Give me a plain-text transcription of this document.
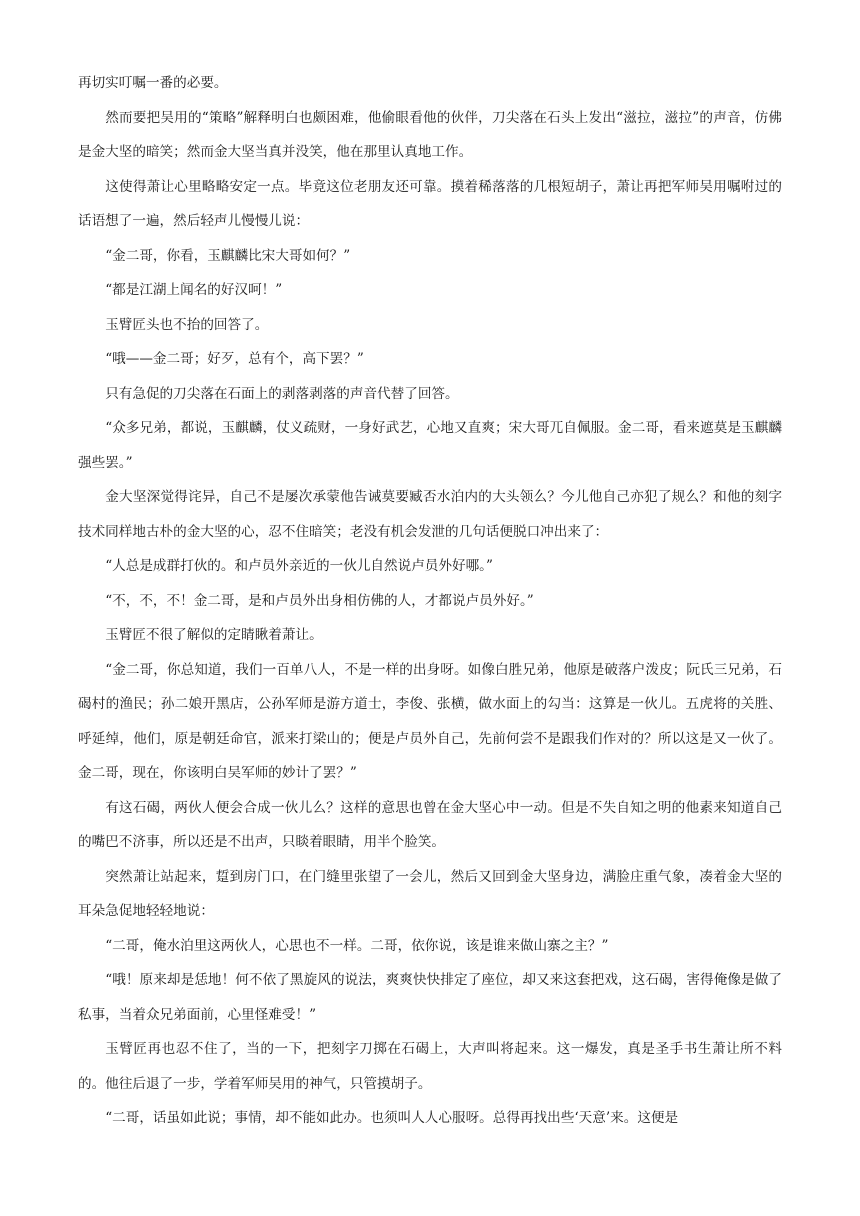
再切实叮嘱一番的必要。

然而要把吴用的“策略”解释明白也颇困难，他偷眼看他的伙伴，刀尖落在石头上发出“滋拉，滋拉”的声音，仿佛是金大坚的暗笑；然而金大坚当真并没笑，他在那里认真地工作。

这使得萧让心里略略安定一点。毕竟这位老朋友还可靠。摸着稀落落的几根短胡子，萧让再把军师吴用嘱咐过的话语想了一遍，然后轻声儿慢慢儿说：

“金二哥，你看，玉麒麟比宋大哥如何？”

“都是江湖上闻名的好汉呵！”

玉臂匠头也不抬的回答了。

“哦——金二哥；好歹，总有个，高下罢？”

只有急促的刀尖落在石面上的剥落剥落的声音代替了回答。

“众多兄弟，都说，玉麒麟，仗义疏财，一身好武艺，心地又直爽；宋大哥兀自佩服。金二哥，看来遮莫是玉麒麟强些罢。”

金大坚深觉得诧异，自己不是屡次承蒙他告诫莫要臧否水泊内的大头领么？今儿他自己亦犯了规么？和他的刻字技术同样地古朴的金大坚的心，忍不住暗笑；老没有机会发泄的几句话便脱口冲出来了：

“人总是成群打伙的。和卢员外亲近的一伙儿自然说卢员外好哪。”

“不，不，不！金二哥，是和卢员外出身相仿佛的人，才都说卢员外好。”

玉臂匠不很了解似的定睛瞅着萧让。

“金二哥，你总知道，我们一百单八人，不是一样的出身呀。如像白胜兄弟，他原是破落户泼皮；阮氏三兄弟，石碣村的渔民；孙二娘开黑店，公孙军师是游方道士，李俊、张横，做水面上的勾当：这算是一伙儿。五虎将的关胜、呼延绰，他们，原是朝廷命官，派来打梁山的；便是卢员外自己，先前何尝不是跟我们作对的？所以这是又一伙了。金二哥，现在，你该明白吴军师的妙计了罢？”

有这石碣，两伙人便会合成一伙儿么？这样的意思也曾在金大坚心中一动。但是不失自知之明的他素来知道自己的嘴巴不济事，所以还是不出声，只睒着眼睛，用半个脸笑。

突然萧让站起来，踅到房门口，在门缝里张望了一会儿，然后又回到金大坚身边，满脸庄重气象，凑着金大坚的耳朵急促地轻轻地说：

“二哥，俺水泊里这两伙人，心思也不一样。二哥，依你说，该是谁来做山寨之主？”

“哦！原来却是恁地！何不依了黑旋风的说法，爽爽快快排定了座位，却又来这套把戏，这石碣，害得俺像是做了私事，当着众兄弟面前，心里怪难受！”

玉臂匠再也忍不住了，当的一下，把刻字刀掷在石碣上，大声叫将起来。这一爆发，真是圣手书生萧让所不料的。他往后退了一步，学着军师吴用的神气，只管摸胡子。

“二哥，话虽如此说；事情，却不能如此办。也须叫人人心服呀。总得再找出些‘天意’来。这便是
